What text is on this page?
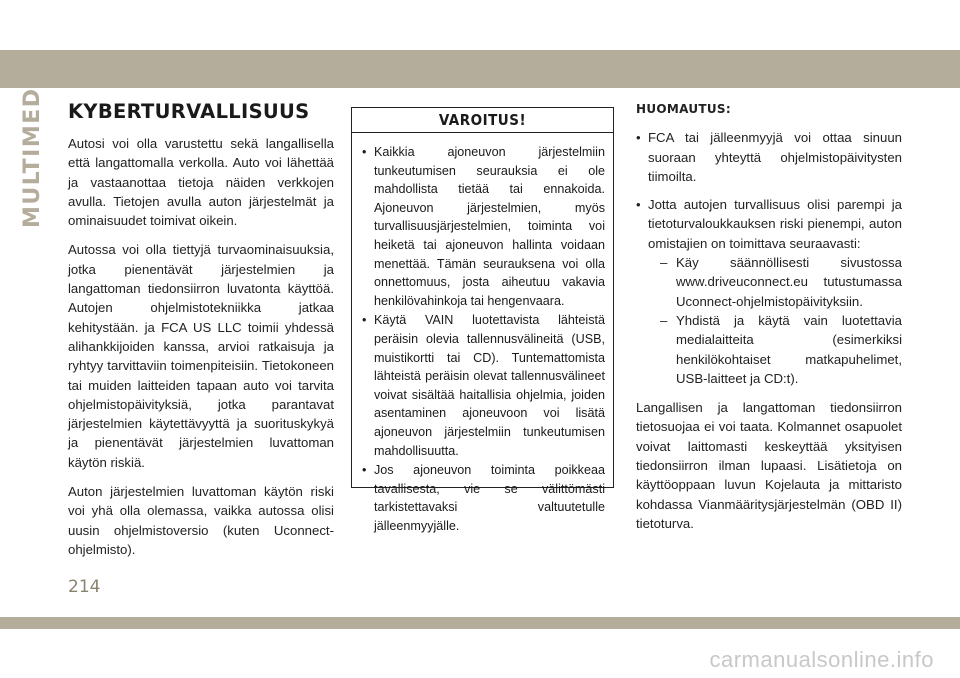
MULTIMEDIA KYBERTURVALLISUUS

Autosi voi olla varustettu sekä langallisella että langattomalla verkolla. Auto voi lähettää ja vastaanottaa tietoja näiden verkkojen avulla. Tietojen avulla auton järjestelmät ja ominaisuudet toimivat oikein.

Autossa voi olla tiettyjä turvaominaisuuksia, jotka pienentävät järjestelmien ja langattoman tiedonsiirron luvatonta käyttöä. Autojen ohjelmistotekniikka jatkaa kehitystään. ja FCA US LLC toimii yhdessä alihankkijoiden kanssa, arvioi ratkaisuja ja ryhtyy tarvittaviin toimenpiteisiin. Tietokoneen tai muiden laitteiden tapaan auto voi tarvita ohjelmistopäivityksiä, jotka parantavat järjestelmien käytettävyyttä ja suorituskykyä ja pienentävät järjestelmien luvattoman käytön riskiä.

Auton järjestelmien luvattoman käytön riski voi yhä olla olemassa, vaikka autossa olisi uusin ohjelmistoversio (kuten Uconnect-ohjelmisto).

VAROITUS!
• Kaikkia ajoneuvon järjestelmiin tunkeutumisen seurauksia ei ole mahdollista tietää tai ennakoida. Ajoneuvon järjestelmien, myös turvallisuusjärjestelmien, toiminta voi heiketä tai ajoneuvon hallinta voidaan menettää. Tämän seurauksena voi olla onnettomuus, josta aiheutuu vakavia henkilövahinkoja tai hengenvaara.
• Käytä VAIN luotettavista lähteistä peräisin olevia tallennusvälineitä (USB, muistikortti tai CD). Tuntemattomista lähteistä peräisin olevat tallennusvälineet voivat sisältää haitallisia ohjelmia, joiden asentaminen ajoneuvoon voi lisätä ajoneuvon järjestelmiin tunkeutumisen mahdollisuutta.
• Jos ajoneuvon toiminta poikkeaa tavallisesta, vie se välittömästi tarkistettavaksi valtuutetulle jälleenmyyjälle.
HUOMAUTUS:
• FCA tai jälleenmyyjä voi ottaa sinuun suoraan yhteyttä ohjelmistopäivitysten tiimoilta.
• Jotta autojen turvallisuus olisi parempi ja tietoturvaloukkauksen riski pienempi, auton omistajien on toimittava seuraavasti:
– Käy säännöllisesti sivustossa www.driveuconnect.eu tutustumassa Uconnect-ohjelmistopäivityksiin.
– Yhdistä ja käytä vain luotettavia medialaitteita (esimerkiksi henkilökohtaiset matkapuhelimet, USB-laitteet ja CD:t).

Langallisen ja langattoman tiedonsiirron tietosuojaa ei voi taata. Kolmannet osapuolet voivat laittomasti keskeyttää yksityisen tiedonsiirron ilman lupaasi. Lisätietoja on käyttöoppaan luvun Kojelauta ja mittaristo kohdassa Vianmääritysjärjestelmän (OBD II) tietoturva.

214
carmanualsonline.info
